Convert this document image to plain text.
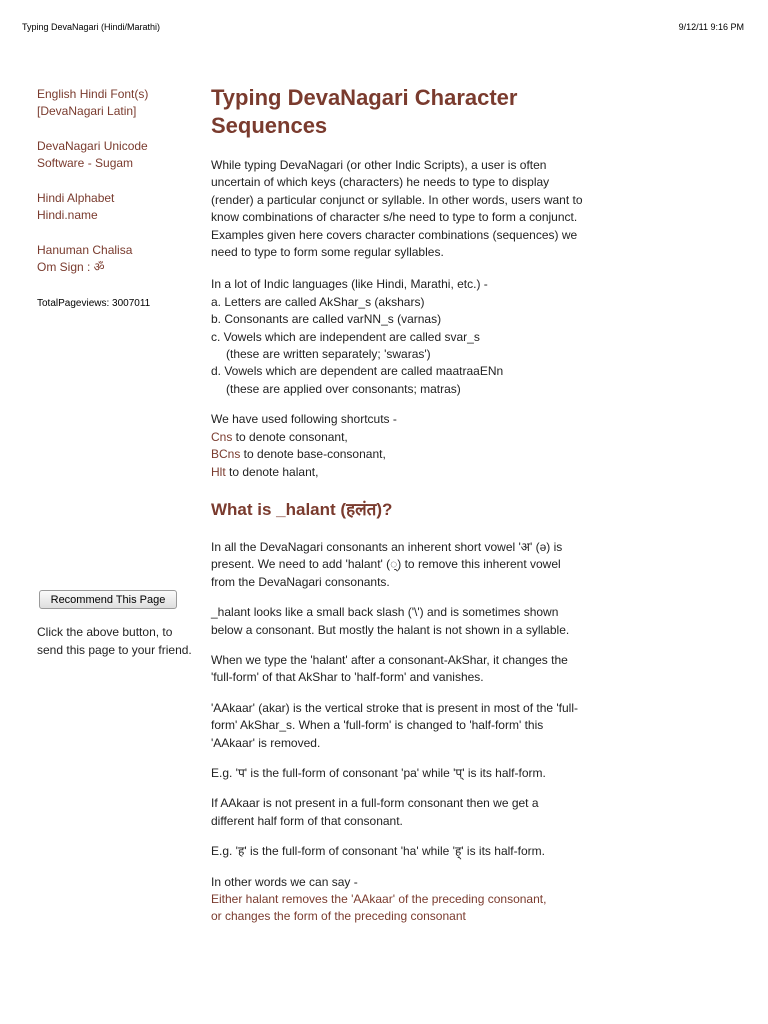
Typing DevaNagari (Hindi/Marathi)	9/12/11 9:16 PM
English Hindi Font(s)
[DevaNagari Latin]
DevaNagari Unicode
Software - Sugam
Hindi Alphabet
Hindi.name
Hanuman Chalisa
Om Sign : ॐ
TotalPageviews: 3007011
Recommend This Page
Click the above button, to send this page to your friend.
Typing DevaNagari Character Sequences

While typing DevaNagari (or other Indic Scripts), a user is often uncertain of which keys (characters) he needs to type to display (render) a particular conjunct or syllable. In other words, users want to know combinations of character s/he need to type to form a conjunct. Examples given here covers character combinations (sequences) we need to type to form some regular syllables.

In a lot of Indic languages (like Hindi, Marathi, etc.) -

a. Letters are called AkShar_s (akshars)

b. Consonants are called varNN_s (varnas)

c. Vowels which are independent are called svar_s

(these are written separately; 'swaras')

d. Vowels which are dependent are called maatraaENn

(these are applied over consonants; matras)

We have used following shortcuts -

Cns to denote consonant,

BCns to denote base-consonant,

Hlt to denote halant,

What is _halant (हलंत)?

In all the DevaNagari consonants an inherent short vowel 'अ' (ə) is present. We need to add 'halant' (्) to remove this inherent vowel from the DevaNagari consonants.

_halant looks like a small back slash ('\') and is sometimes shown below a consonant. But mostly the halant is not shown in a syllable.

When we type the 'halant' after a consonant-AkShar, it changes the 'full-form' of that AkShar to 'half-form' and vanishes.

'AAkaar' (akar) is the vertical stroke that is present in most of the 'full-form' AkShar_s. When a 'full-form' is changed to 'half-form' this 'AAkaar' is removed.

E.g. 'प' is the full-form of consonant 'pa' while 'प्' is its half-form.

If AAkaar is not present in a full-form consonant then we get a different half form of that consonant.

E.g. 'ह' is the full-form of consonant 'ha' while 'ह्' is its half-form.

In other words we can say -

Either halant removes the 'AAkaar' of the preceding consonant,

or changes the form of the preceding consonant
